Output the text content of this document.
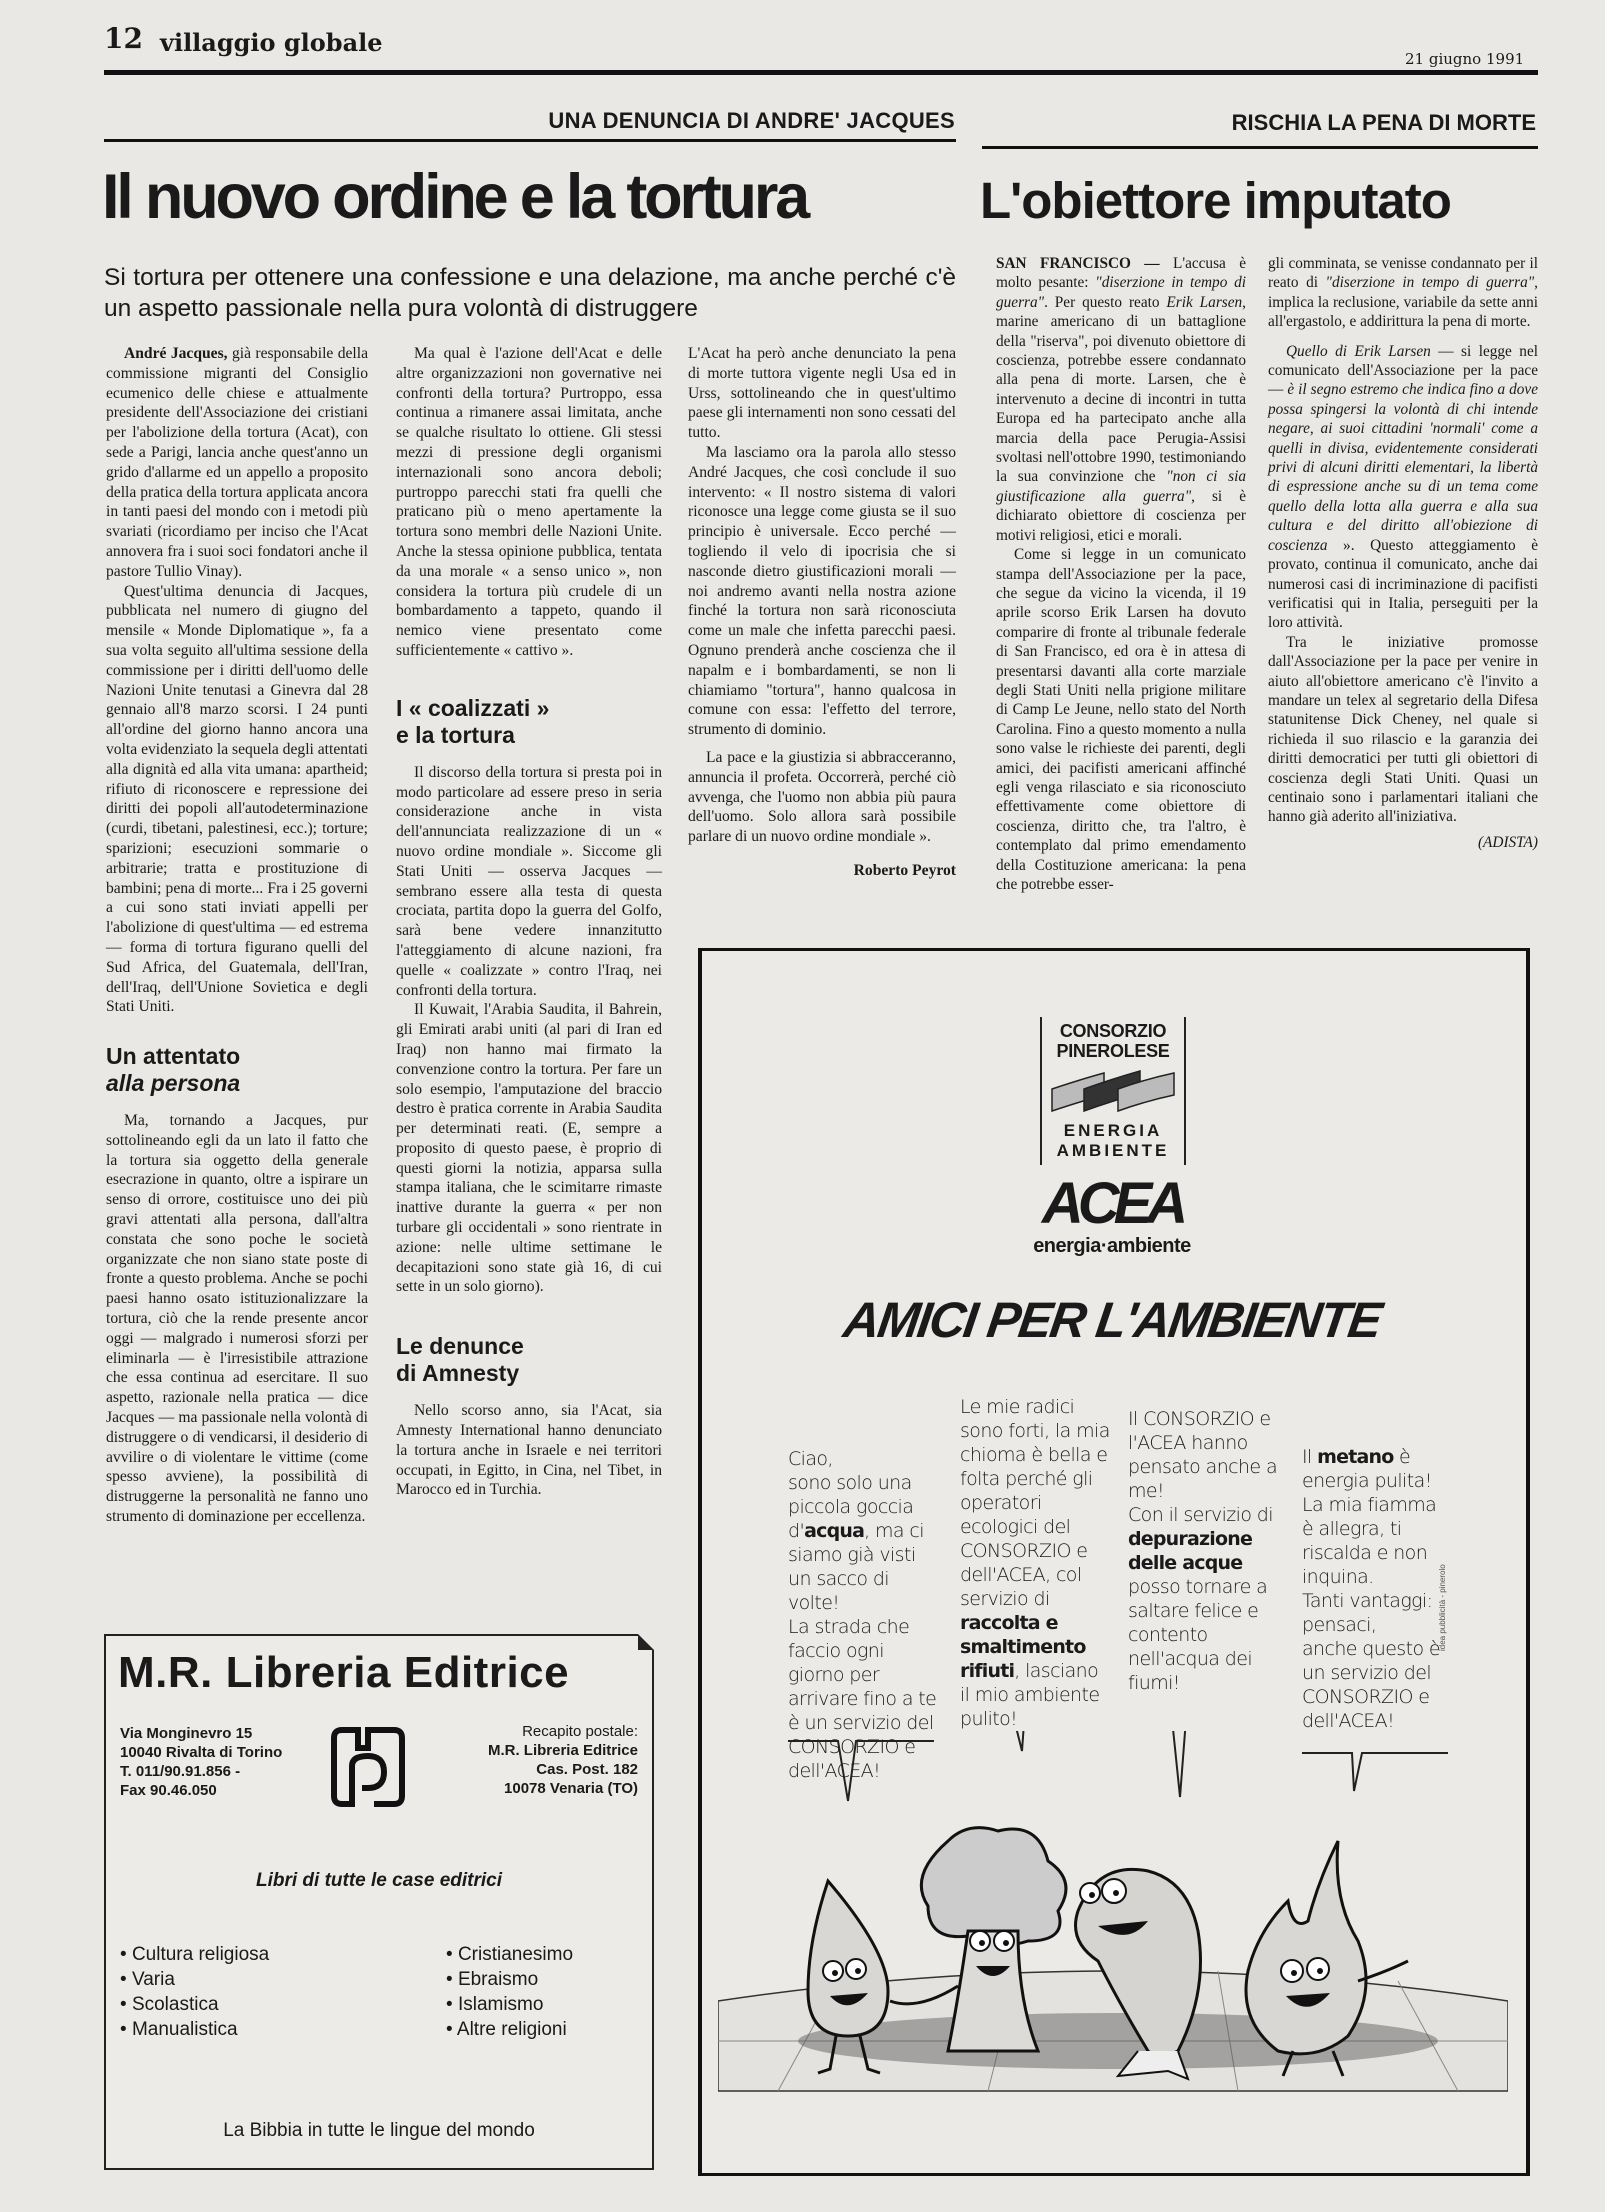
12 villaggio globale
21 giugno 1991
UNA DENUNCIA DI ANDRE' JACQUES
Il nuovo ordine e la tortura
Si tortura per ottenere una confessione e una delazione, ma anche perché c'è un aspetto passionale nella pura volontà di distruggere

André Jacques, già responsabile della commissione migranti del Consiglio ecumenico delle chiese e attualmente presidente dell'Associazione dei cristiani per l'abolizione della tortura (Acat), con sede a Parigi, lancia anche quest'anno un grido d'allarme ed un appello a proposito della pratica della tortura applicata ancora in tanti paesi del mondo con i metodi più svariati (ricordiamo per inciso che l'Acat annovera fra i suoi soci fondatori anche il pastore Tullio Vinay).

Quest'ultima denuncia di Jacques, pubblicata nel numero di giugno del mensile « Monde Diplomatique », fa a sua volta seguito all'ultima sessione della commissione per i diritti dell'uomo delle Nazioni Unite tenutasi a Ginevra dal 28 gennaio all'8 marzo scorsi. I 24 punti all'ordine del giorno hanno ancora una volta evidenziato la sequela degli attentati alla dignità ed alla vita umana: apartheid; rifiuto di riconoscere e repressione dei diritti dei popoli all'autodeterminazione (curdi, tibetani, palestinesi, ecc.); torture; sparizioni; esecuzioni sommarie o arbitrarie; tratta e prostituzione di bambini; pena di morte... Fra i 25 governi a cui sono stati inviati appelli per l'abolizione di quest'ultima — ed estrema — forma di tortura figurano quelli del Sud Africa, del Guatemala, dell'Iran, dell'Iraq, dell'Unione Sovietica e degli Stati Uniti.

Un attentato
alla persona

Ma, tornando a Jacques, pur sottolineando egli da un lato il fatto che la tortura sia oggetto della generale esecrazione in quanto, oltre a ispirare un senso di orrore, costituisce uno dei più gravi attentati alla persona, dall'altra constata che sono poche le società organizzate che non siano state poste di fronte a questo problema. Anche se pochi paesi hanno osato istituzionalizzare la tortura, ciò che la rende presente ancor oggi — malgrado i numerosi sforzi per eliminarla — è l'irresistibile attrazione che essa continua ad esercitare. Il suo aspetto, razionale nella pratica — dice Jacques — ma passionale nella volontà di distruggere o di vendicarsi, il desiderio di avvilire o di violentare le vittime (come spesso avviene), la possibilità di distruggerne la personalità ne fanno uno strumento di dominazione per eccellenza.

Ma qual è l'azione dell'Acat e delle altre organizzazioni non governative nei confronti della tortura? Purtroppo, essa continua a rimanere assai limitata, anche se qualche risultato lo ottiene. Gli stessi mezzi di pressione degli organismi internazionali sono ancora deboli; purtroppo parecchi stati fra quelli che praticano più o meno apertamente la tortura sono membri delle Nazioni Unite. Anche la stessa opinione pubblica, tentata da una morale « a senso unico », non considera la tortura più crudele di un bombardamento a tappeto, quando il nemico viene presentato come sufficientemente « cattivo ».

I « coalizzati »
e la tortura

Il discorso della tortura si presta poi in modo particolare ad essere preso in seria considerazione anche in vista dell'annunciata realizzazione di un « nuovo ordine mondiale ». Siccome gli Stati Uniti — osserva Jacques — sembrano essere alla testa di questa crociata, partita dopo la guerra del Golfo, sarà bene vedere innanzitutto l'atteggiamento di alcune nazioni, fra quelle « coalizzate » contro l'Iraq, nei confronti della tortura.

Il Kuwait, l'Arabia Saudita, il Bahrein, gli Emirati arabi uniti (al pari di Iran ed Iraq) non hanno mai firmato la convenzione contro la tortura. Per fare un solo esempio, l'amputazione del braccio destro è pratica corrente in Arabia Saudita per determinati reati. (E, sempre a proposito di questo paese, è proprio di questi giorni la notizia, apparsa sulla stampa italiana, che le scimitarre rimaste inattive durante la guerra « per non turbare gli occidentali » sono rientrate in azione: nelle ultime settimane le decapitazioni sono state già 16, di cui sette in un solo giorno).

Le denunce
di Amnesty

Nello scorso anno, sia l'Acat, sia Amnesty International hanno denunciato la tortura anche in Israele e nei territori occupati, in Egitto, in Cina, nel Tibet, in Marocco ed in Turchia.

L'Acat ha però anche denunciato la pena di morte tuttora vigente negli Usa ed in Urss, sottolineando che in quest'ultimo paese gli internamenti non sono cessati del tutto.

Ma lasciamo ora la parola allo stesso André Jacques, che così conclude il suo intervento: « Il nostro sistema di valori riconosce una legge come giusta se il suo principio è universale. Ecco perché — togliendo il velo di ipocrisia che si nasconde dietro giustificazioni morali — noi andremo avanti nella nostra azione finché la tortura non sarà riconosciuta come un male che infetta parecchi paesi. Ognuno prenderà anche coscienza che il napalm e i bombardamenti, se non li chiamiamo "tortura", hanno qualcosa in comune con essa: l'effetto del terrore, strumento di dominio.

La pace e la giustizia si abbracceranno, annuncia il profeta. Occorrerà, perché ciò avvenga, che l'uomo non abbia più paura dell'uomo. Solo allora sarà possibile parlare di un nuovo ordine mondiale ».

Roberto Peyrot
RISCHIA LA PENA DI MORTE
L'obiettore imputato

SAN FRANCISCO — L'accusa è molto pesante: "diserzione in tempo di guerra". Per questo reato Erik Larsen, marine americano di un battaglione della "riserva", poi divenuto obiettore di coscienza, potrebbe essere condannato alla pena di morte. Larsen, che è intervenuto a decine di incontri in tutta Europa ed ha partecipato anche alla marcia della pace Perugia-Assisi svoltasi nell'ottobre 1990, testimoniando la sua convinzione che "non ci sia giustificazione alla guerra", si è dichiarato obiettore di coscienza per motivi religiosi, etici e morali.

Come si legge in un comunicato stampa dell'Associazione per la pace, che segue da vicino la vicenda, il 19 aprile scorso Erik Larsen ha dovuto comparire di fronte al tribunale federale di San Francisco, ed ora è in attesa di presentarsi davanti alla corte marziale degli Stati Uniti nella prigione militare di Camp Le Jeune, nello stato del North Carolina. Fino a questo momento a nulla sono valse le richieste dei parenti, degli amici, dei pacifisti americani affinché egli venga rilasciato e sia riconosciuto effettivamente come obiettore di coscienza, diritto che, tra l'altro, è contemplato dal primo emendamento della Costituzione americana: la pena che potrebbe esser-

gli comminata, se venisse condannato per il reato di "diserzione in tempo di guerra", implica la reclusione, variabile da sette anni all'ergastolo, e addirittura la pena di morte.

Quello di Erik Larsen — si legge nel comunicato dell'Associazione per la pace — è il segno estremo che indica fino a dove possa spingersi la volontà di chi intende negare, ai suoi cittadini 'normali' come a quelli in divisa, evidentemente considerati privi di alcuni diritti elementari, la libertà di espressione anche su di un tema come quello della lotta alla guerra e alla sua cultura e del diritto all'obiezione di coscienza ». Questo atteggiamento è provato, continua il comunicato, anche dai numerosi casi di incriminazione di pacifisti verificatisi qui in Italia, perseguiti per la loro attività.

Tra le iniziative promosse dall'Associazione per la pace per venire in aiuto all'obiettore americano c'è l'invito a mandare un telex al segretario della Difesa statunitense Dick Cheney, nel quale si richieda il suo rilascio e la garanzia dei diritti democratici per tutti gli obiettori di coscienza degli Stati Uniti. Quasi un centinaio sono i parlamentari italiani che hanno già aderito all'iniziativa.

(ADISTA)
M.R. Libreria Editrice
Via Monginevro 15
10040 Rivalta di Torino
T. 011/90.91.856 -
Fax 90.46.050
Recapito postale:
M.R. Libreria Editrice
Cas. Post. 182
10078 Venaria (TO)
Libri di tutte le case editrici
• Cultura religiosa
• Varia
• Scolastica
• Manualistica
• Cristianesimo
• Ebraismo
• Islamismo
• Altre religioni
La Bibbia in tutte le lingue del mondo
CONSORZIO
PINEROLESE
ENERGIA
AMBIENTE
ACEA
energia·ambiente
AMICI PER L'AMBIENTE
Ciao,
sono solo una piccola goccia d'acqua, ma ci siamo già visti un sacco di volte!
La strada che faccio ogni giorno per arrivare fino a te è un servizio del CONSORZIO e dell'ACEA!
Le mie radici sono forti, la mia chioma è bella e folta perché gli operatori ecologici del CONSORZIO e dell'ACEA, col servizio di raccolta e smaltimento rifiuti, lasciano il mio ambiente pulito!
Il CONSORZIO e l'ACEA hanno pensato anche a me!
Con il servizio di depurazione delle acque posso tornare a saltare felice e contento nell'acqua dei fiumi!
Il metano è energia pulita!
La mia fiamma è allegra, ti riscalda e non inquina.
Tanti vantaggi: pensaci,
anche questo è un servizio del CONSORZIO e dell'ACEA!
idea pubblicità - pinerolo
